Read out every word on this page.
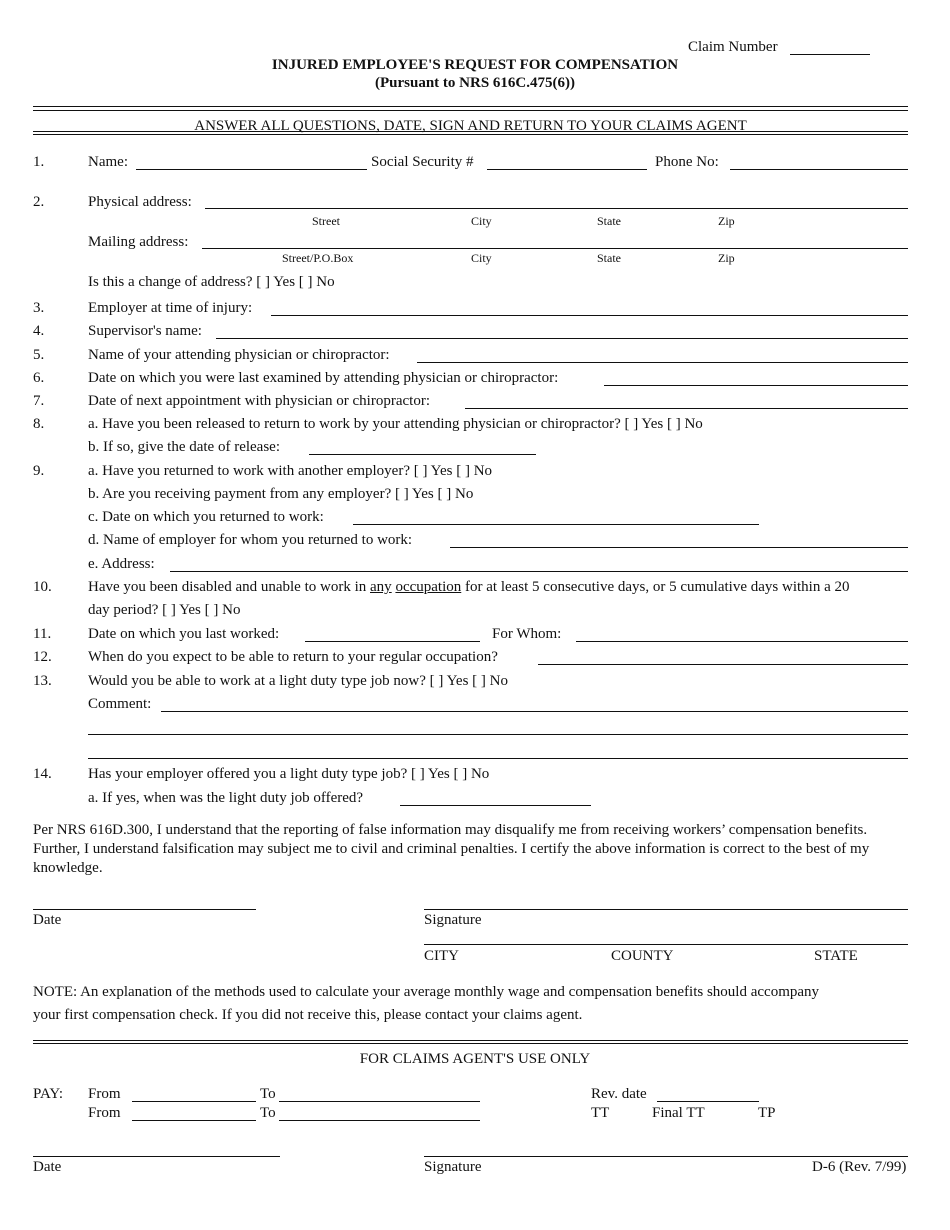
Claim Number
INJURED EMPLOYEE'S REQUEST FOR COMPENSATION
(Pursuant to NRS 616C.475(6))
ANSWER ALL QUESTIONS, DATE, SIGN AND RETURN TO YOUR CLAIMS AGENT
1.	Name:	Social Security #	Phone No:
2.	Physical address:
Street	City	State	Zip
Mailing address:
Street/P.O.Box	City	State	Zip
Is this a change of address? [ ] Yes [ ] No
3.	Employer at time of injury:
4.	Supervisor's name:
5.	Name of your attending physician or chiropractor:
6.	Date on which you were last examined by attending physician or chiropractor:
7.	Date of next appointment with physician or chiropractor:
8.	a. Have you been released to return to work by your attending physician or chiropractor? [ ] Yes [ ] No
b. If so, give the date of release:
9.	a. Have you returned to work with another employer? [ ] Yes [ ] No
b. Are you receiving payment from any employer? [ ] Yes [ ] No
c. Date on which you returned to work:
d. Name of employer for whom you returned to work:
e. Address:
10. Have you been disabled and unable to work in any occupation for at least 5 consecutive days, or 5 cumulative days within a 20
day period? [ ] Yes [ ] No
11. Date on which you last worked:	For Whom:
12. When do you expect to be able to return to your regular occupation?
13. Would you be able to work at a light duty type job now? [ ] Yes [ ] No
Comment:
14. Has your employer offered you a light duty type job? [ ] Yes [ ] No
a. If yes, when was the light duty job offered?
Per NRS 616D.300, I understand that the reporting of false information may disqualify me from receiving workers’ compensation benefits. Further, I understand falsification may subject me to civil and criminal penalties. I certify the above information is correct to the best of my knowledge.
Date	Signature
CITY	COUNTY	STATE
NOTE: An explanation of the methods used to calculate your average monthly wage and compensation benefits should accompany
your first compensation check. If you did not receive this, please contact your claims agent.
FOR CLAIMS AGENT'S USE ONLY
PAY: From	To	Rev. date
From	To	TT	Final TT	TP
Date	Signature	D-6 (Rev. 7/99)
